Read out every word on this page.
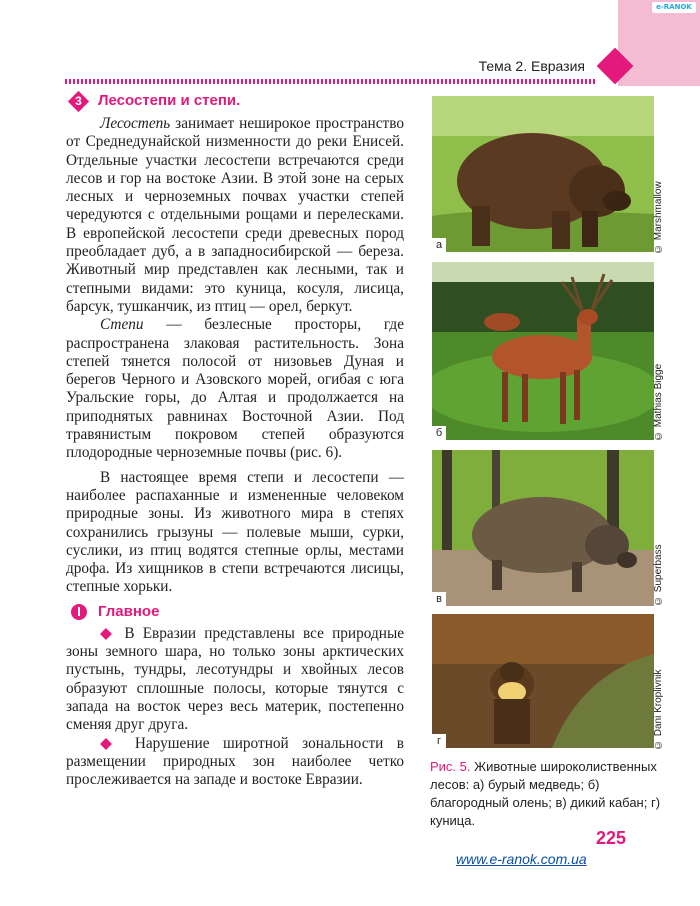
e-RANOK
Тема 2. Евразия
3 Лесостепи и степи.

Лесостепь занимает неширокое пространство от Среднедунайской низменности до реки Енисей. Отдельные участки лесостепи встречаются среди лесов и гор на востоке Азии. В этой зоне на серых лесных и черноземных почвах участки степей чередуются с отдельными рощами и перелесками. В европейской лесостепи среди древесных пород преобладает дуб, а в западносибирской — береза. Животный мир представлен как лесными, так и степными видами: это куница, косуля, лисица, барсук, тушканчик, из птиц — орел, беркут.

Степи — безлесные просторы, где распространена злаковая растительность. Зона степей тянется полосой от низовьев Дуная и берегов Черного и Азовского морей, огибая с юга Уральские горы, до Алтая и продолжается на приподнятых равнинах Восточной Азии. Под травянистым покровом степей образуются плодородные черноземные почвы (рис. 6).

В настоящее время степи и лесостепи — наиболее распаханные и измененные человеком природные зоны. Из животного мира в степях сохранились грызуны — полевые мыши, сурки, суслики, из птиц водятся степные орлы, местами дрофа. Из хищников в степи встречаются лисицы, степные хорьки.

Главное

◆ В Евразии представлены все природные зоны земного шара, но только зоны арктических пустынь, тундры, лесотундры и хвойных лесов образуют сплошные полосы, которые тянутся с запада на восток через весь материк, постепенно сменяя друг друга.

◆ Нарушение широтной зональности в размещении природных зон наиболее четко прослеживается на западе и востоке Евразии.

а	© Marshmallow
б	© Mathias Bigge
в	© Superbass
г	© Dani Kroplivnik
Рис. 5. Животные широколиственных лесов: а) бурый медведь; б) благородный олень; в) дикий кабан; г) куница.
225
www.e-ranok.com.ua
